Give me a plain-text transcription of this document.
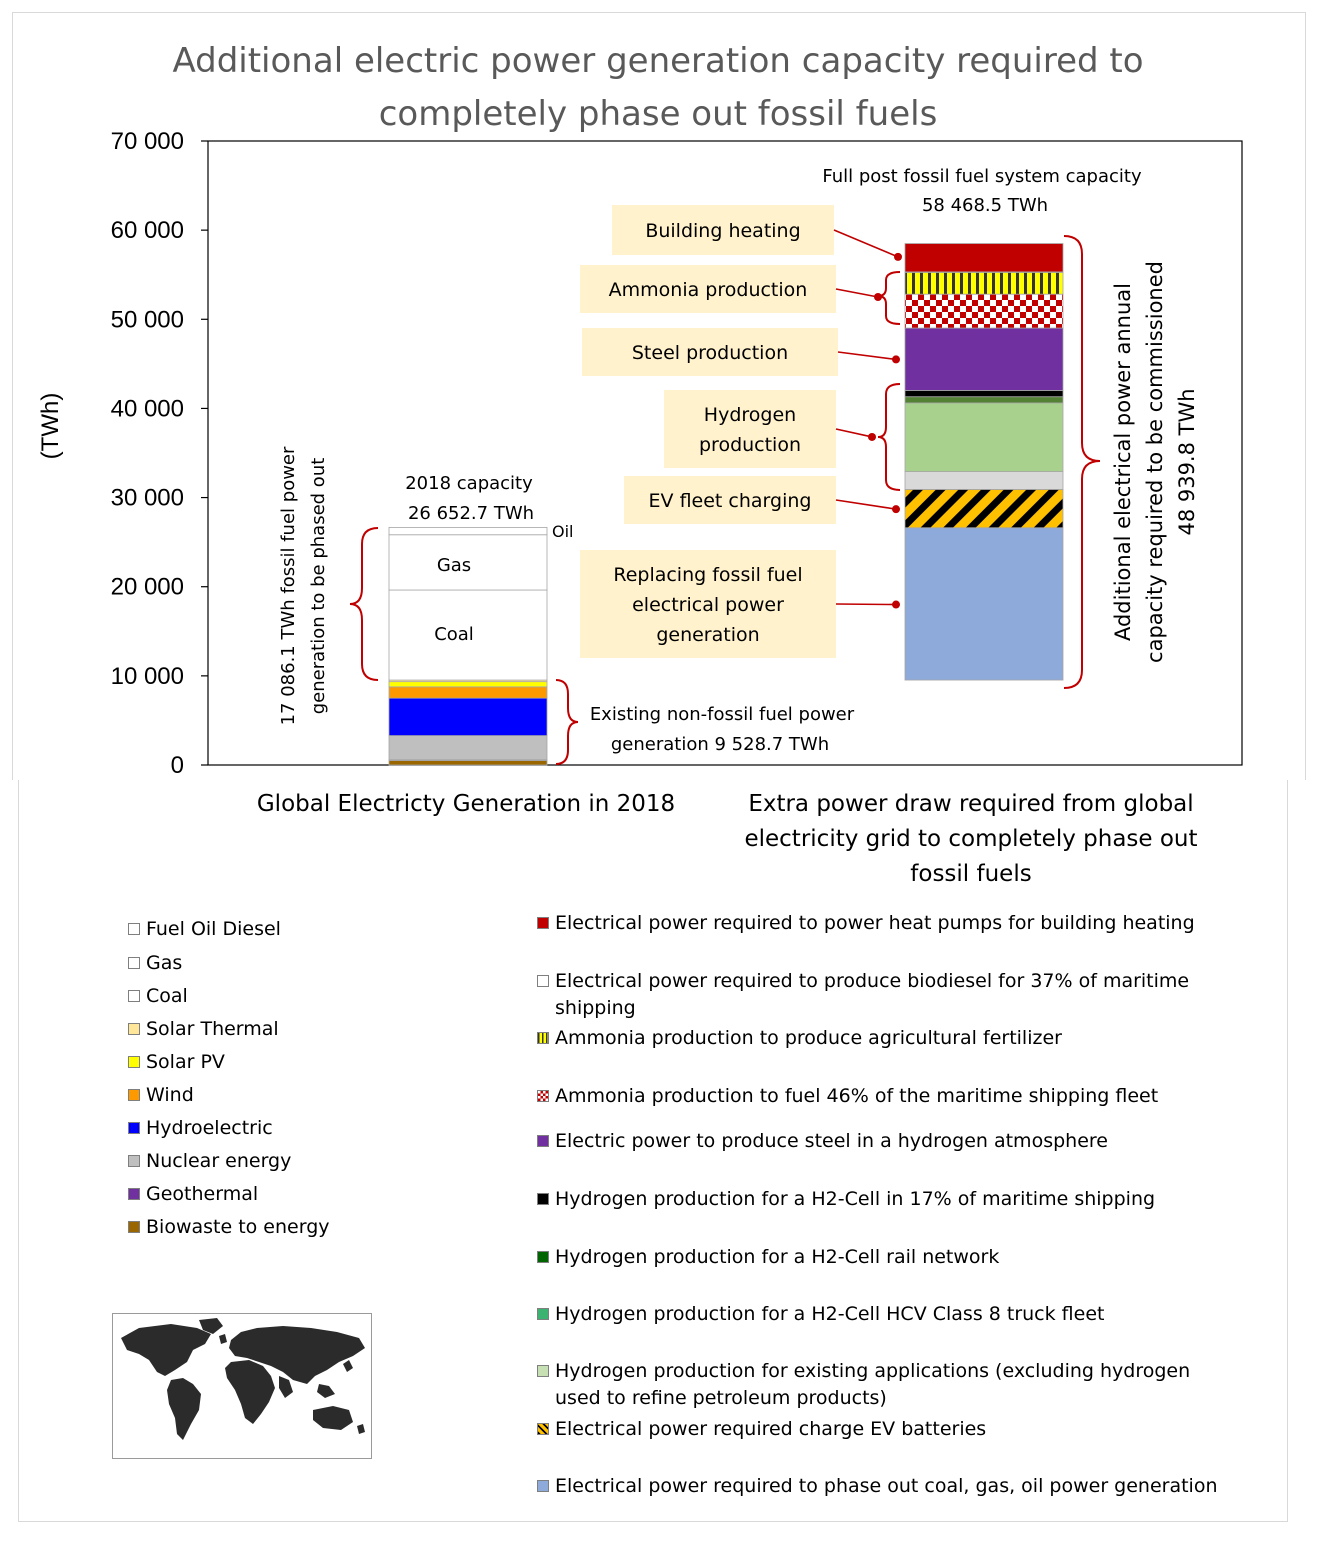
Additional electric power generation capacity required to
completely phase out fossil fuels
0
10 000
20 000
30 000
40 000
50 000
60 000
70 000
(TWh)
Gas
Coal
Oil
2018 capacity
26 652.7 TWh
Existing non-fossil fuel power
generation 9 528.7 TWh
17 086.1 TWh fossil fuel power generation to be phased out
Full post fossil fuel system capacity
58 468.5 TWh
Additional electrical power annual capacity required to be commissioned 48 939.8 TWh
Building heating
Ammonia production
Steel production
Hydrogen
production
EV fleet charging
Replacing fossil fuel
electrical power
generation
Global Electricty Generation in 2018	Extra power draw required from global
electricity grid to completely phase out
fossil fuels
Fuel Oil Diesel
Gas
Coal
Solar Thermal
Solar PV
Wind
Hydroelectric
Nuclear energy
Geothermal
Biowaste to energy
Electrical power required to power heat pumps for building heating
Electrical power required to produce biodiesel for 37% of maritime shipping
Ammonia production to produce agricultural fertilizer
Ammonia production to fuel 46% of the maritime shipping fleet
Electric power to produce steel in a hydrogen atmosphere
Hydrogen production for a H2-Cell in 17% of maritime shipping
Hydrogen production for a H2-Cell rail network
Hydrogen production for a H2-Cell HCV Class 8 truck fleet
Hydrogen production for existing applications (excluding hydrogen used to refine petroleum products)
Electrical power required charge EV batteries
Electrical power required to phase out coal, gas, oil power generation
